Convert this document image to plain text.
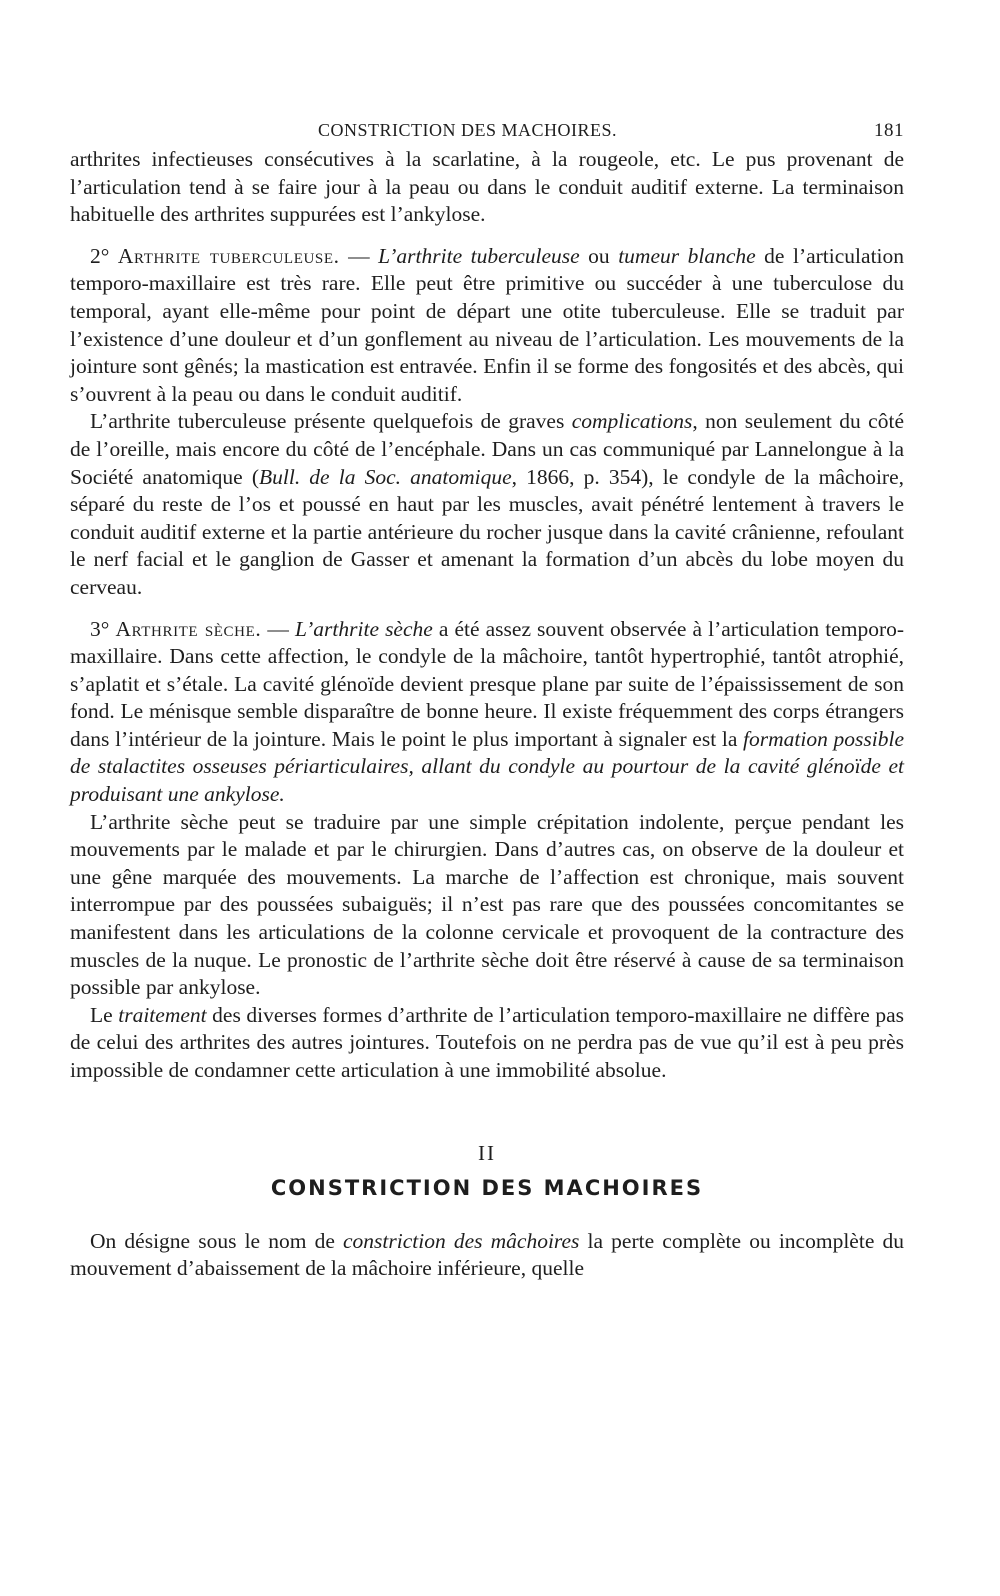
CONSTRICTION DES MACHOIRES.	181

arthrites infectieuses consécutives à la scarlatine, à la rougeole, etc. Le pus provenant de l’articulation tend à se faire jour à la peau ou dans le conduit auditif externe. La terminaison habituelle des arthrites suppurées est l’ankylose.

2° Arthrite tuberculeuse. — L’arthrite tuberculeuse ou tumeur blanche de l’articulation temporo-maxillaire est très rare. Elle peut être primitive ou succéder à une tuberculose du temporal, ayant elle-même pour point de départ une otite tuberculeuse. Elle se traduit par l’existence d’une douleur et d’un gonflement au niveau de l’articulation. Les mouvements de la jointure sont gênés; la mastication est entravée. Enfin il se forme des fongosités et des abcès, qui s’ouvrent à la peau ou dans le conduit auditif.

L’arthrite tuberculeuse présente quelquefois de graves complications, non seulement du côté de l’oreille, mais encore du côté de l’encéphale. Dans un cas communiqué par Lannelongue à la Société anatomique (Bull. de la Soc. anatomique, 1866, p. 354), le condyle de la mâchoire, séparé du reste de l’os et poussé en haut par les muscles, avait pénétré lentement à travers le conduit auditif externe et la partie antérieure du rocher jusque dans la cavité crânienne, refoulant le nerf facial et le ganglion de Gasser et amenant la formation d’un abcès du lobe moyen du cerveau.

3° Arthrite sèche. — L’arthrite sèche a été assez souvent observée à l’articulation temporo-maxillaire. Dans cette affection, le condyle de la mâchoire, tantôt hypertrophié, tantôt atrophié, s’aplatit et s’étale. La cavité glénoïde devient presque plane par suite de l’épaississement de son fond. Le ménisque semble disparaître de bonne heure. Il existe fréquemment des corps étrangers dans l’intérieur de la jointure. Mais le point le plus important à signaler est la formation possible de stalactites osseuses périarticulaires, allant du condyle au pourtour de la cavité glénoïde et produisant une ankylose.

L’arthrite sèche peut se traduire par une simple crépitation indolente, perçue pendant les mouvements par le malade et par le chirurgien. Dans d’autres cas, on observe de la douleur et une gêne marquée des mouvements. La marche de l’affection est chronique, mais souvent interrompue par des poussées subaiguës; il n’est pas rare que des poussées concomitantes se manifestent dans les articulations de la colonne cervicale et provoquent de la contracture des muscles de la nuque. Le pronostic de l’arthrite sèche doit être réservé à cause de sa terminaison possible par ankylose.

Le traitement des diverses formes d’arthrite de l’articulation temporo-maxillaire ne diffère pas de celui des arthrites des autres jointures. Toutefois on ne perdra pas de vue qu’il est à peu près impossible de condamner cette articulation à une immobilité absolue.

II
CONSTRICTION DES MACHOIRES

On désigne sous le nom de constriction des mâchoires la perte complète ou incomplète du mouvement d’abaissement de la mâchoire inférieure, quelle
